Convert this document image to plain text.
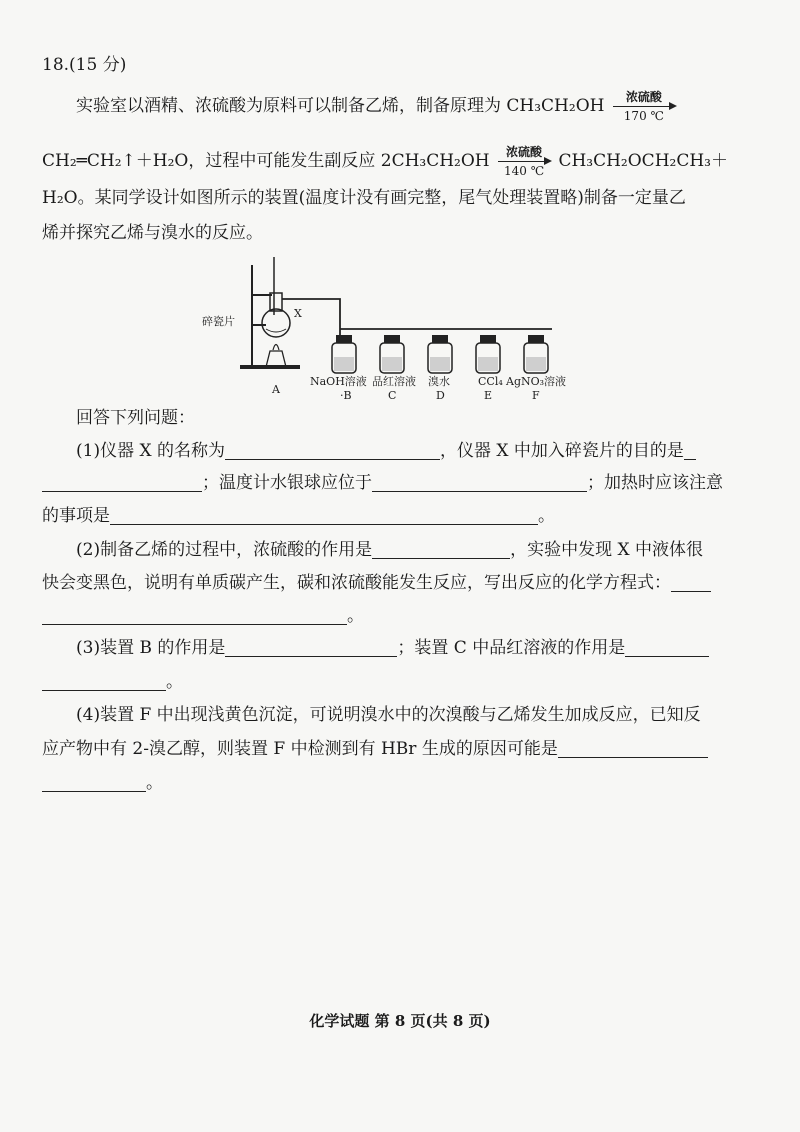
18.(15 分)
实验室以酒精、浓硫酸为原料可以制备乙烯，制备原理为 CH₃CH₂OH	浓硫酸
170 ℃
CH₂═CH₂↑＋H₂O，过程中可能发生副反应 2CH₃CH₂OH	浓硫酸
140 ℃ CH₃CH₂OCH₂CH₃＋
H₂O。某同学设计如图所示的装置(温度计没有画完整，尾气处理装置略)制备一定量乙
烯并探究乙烯与溴水的反应。
碎瓷片
X
A
NaOH溶液
·B
品红溶液
C
溴水
D
CCl₄
E
AgNO₃溶液
F
回答下列问题：
(1)仪器 X 的名称为	，仪器 X 中加入碎瓷片的目的是
；温度计水银球应位于	；加热时应该注意
的事项是	。
(2)制备乙烯的过程中，浓硫酸的作用是	，实验中发现 X 中液体很
快会变黑色，说明有单质碳产生，碳和浓硫酸能发生反应，写出反应的化学方程式：
。
(3)装置 B 的作用是	；装置 C 中品红溶液的作用是
。
(4)装置 F 中出现浅黄色沉淀，可说明溴水中的次溴酸与乙烯发生加成反应，已知反
应产物中有 2-溴乙醇，则装置 F 中检测到有 HBr 生成的原因可能是
。
化学试题 第 8 页(共 8 页)
